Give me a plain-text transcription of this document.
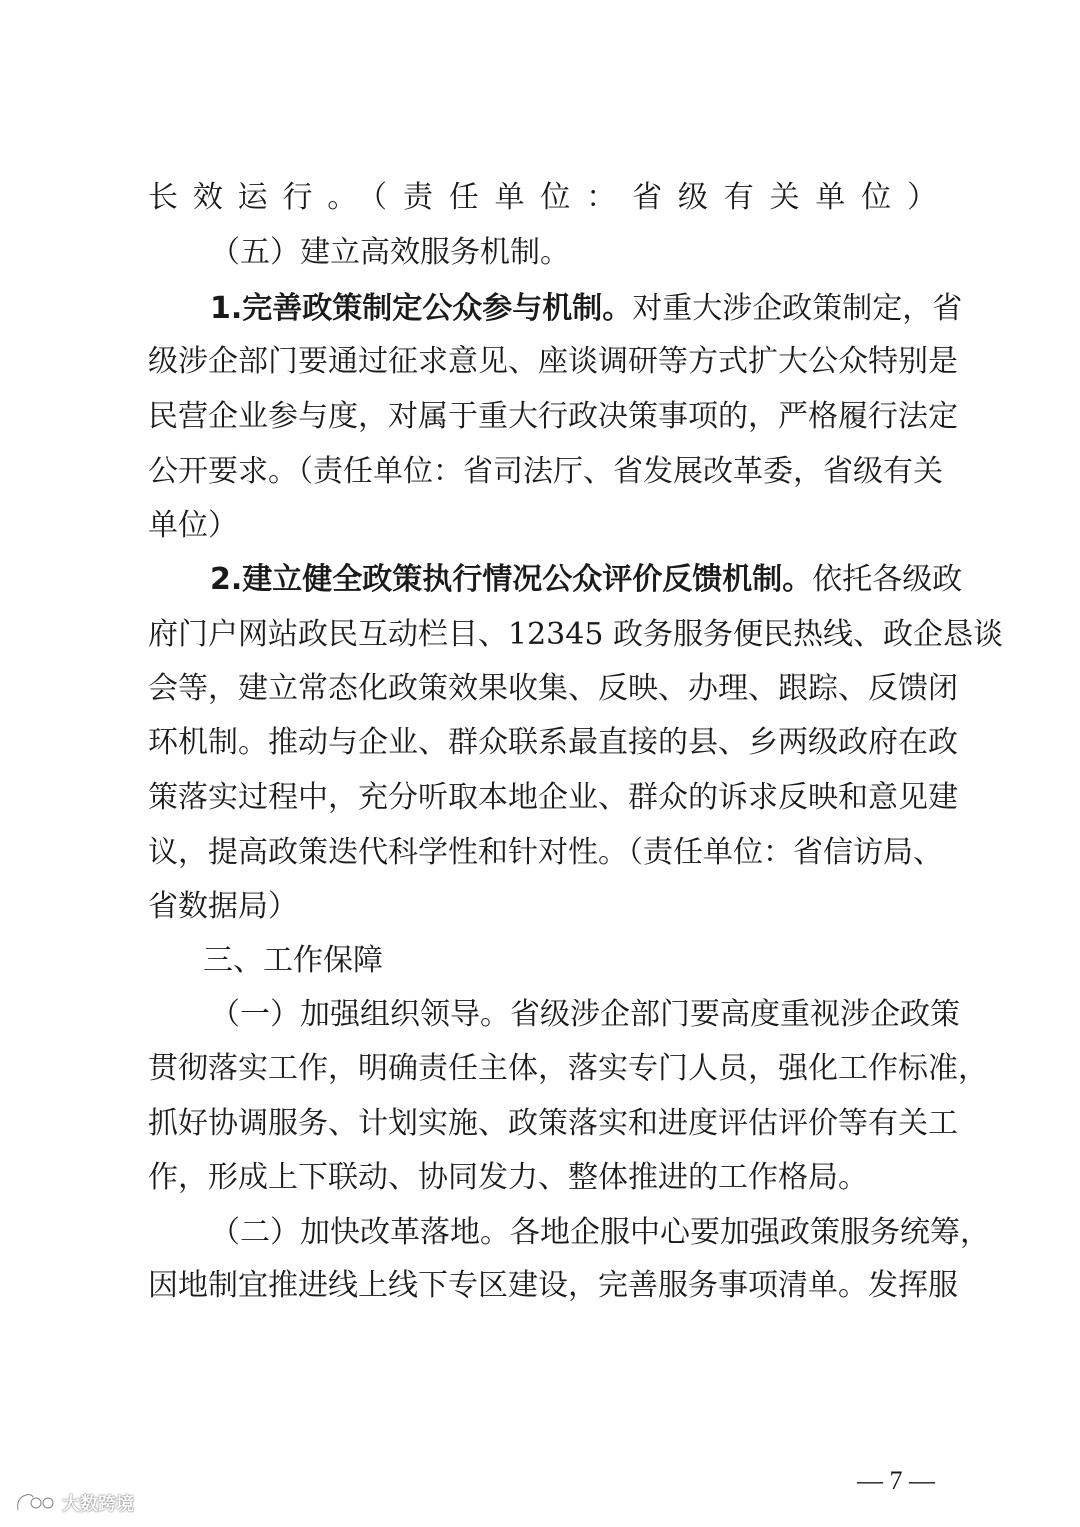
长效运行。（责任单位：省级有关单位）
（五）建立高效服务机制。
1.完善政策制定公众参与机制。对重大涉企政策制定，省
级涉企部门要通过征求意见、座谈调研等方式扩大公众特别是
民营企业参与度，对属于重大行政决策事项的，严格履行法定
公开要求。（责任单位：省司法厅、省发展改革委，省级有关
单位）
2.建立健全政策执行情况公众评价反馈机制。依托各级政
府门户网站政民互动栏目、12345 政务服务便民热线、政企恳谈
会等，建立常态化政策效果收集、反映、办理、跟踪、反馈闭
环机制。推动与企业、群众联系最直接的县、乡两级政府在政
策落实过程中，充分听取本地企业、群众的诉求反映和意见建
议，提高政策迭代科学性和针对性。（责任单位：省信访局、
省数据局）
三、工作保障
（一）加强组织领导。省级涉企部门要高度重视涉企政策
贯彻落实工作，明确责任主体，落实专门人员，强化工作标准，
抓好协调服务、计划实施、政策落实和进度评估评价等有关工
作，形成上下联动、协同发力、整体推进的工作格局。
（二）加快改革落地。各地企服中心要加强政策服务统筹，
因地制宜推进线上线下专区建设，完善服务事项清单。发挥服
— 7 —
大数跨境
